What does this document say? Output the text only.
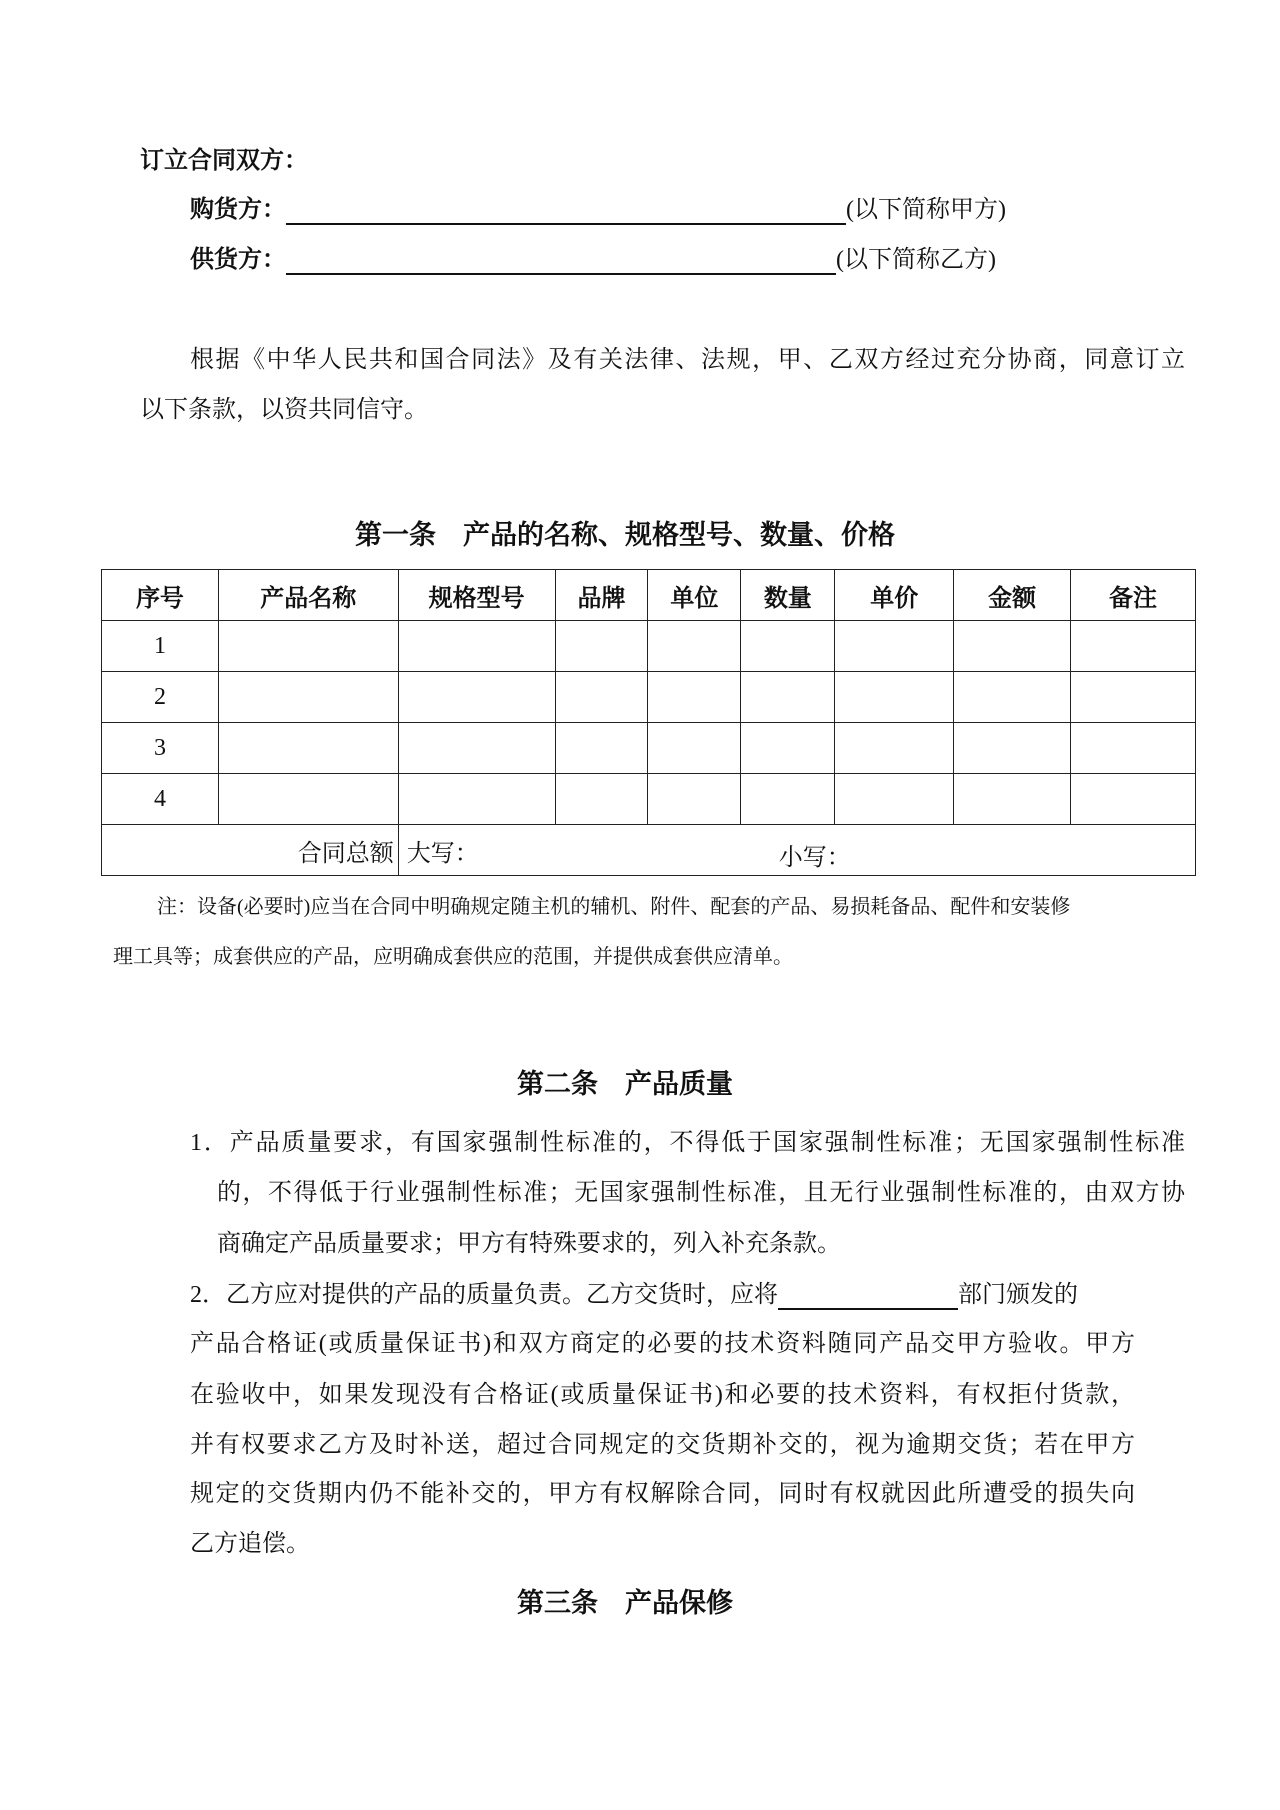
订立合同双方：
购货方：	(以下简称甲方)
供货方：	(以下简称乙方)
根据《中华人民共和国合同法》及有关法律、法规，甲、乙双方经过充分协商，同意订立
以下条款，以资共同信守。
第一条　产品的名称、规格型号、数量、价格
序号	产品名称	规格型号	品牌	单位	数量	单价	金额	备注
1								
2								
3								
4								
合同总额		大写： 小写：						
注：设备(必要时)应当在合同中明确规定随主机的辅机、附件、配套的产品、易损耗备品、配件和安装修
理工具等；成套供应的产品，应明确成套供应的范围，并提供成套供应清单。
第二条　产品质量
1．产品质量要求，有国家强制性标准的，不得低于国家强制性标准；无国家强制性标准
的，不得低于行业强制性标准；无国家强制性标准，且无行业强制性标准的，由双方协
商确定产品质量要求；甲方有特殊要求的，列入补充条款。
2．乙方应对提供的产品的质量负责。乙方交货时，应将	部门颁发的
产品合格证(或质量保证书)和双方商定的必要的技术资料随同产品交甲方验收。甲方
在验收中，如果发现没有合格证(或质量保证书)和必要的技术资料，有权拒付货款，
并有权要求乙方及时补送，超过合同规定的交货期补交的，视为逾期交货；若在甲方
规定的交货期内仍不能补交的，甲方有权解除合同，同时有权就因此所遭受的损失向
乙方追偿。
第三条　产品保修
